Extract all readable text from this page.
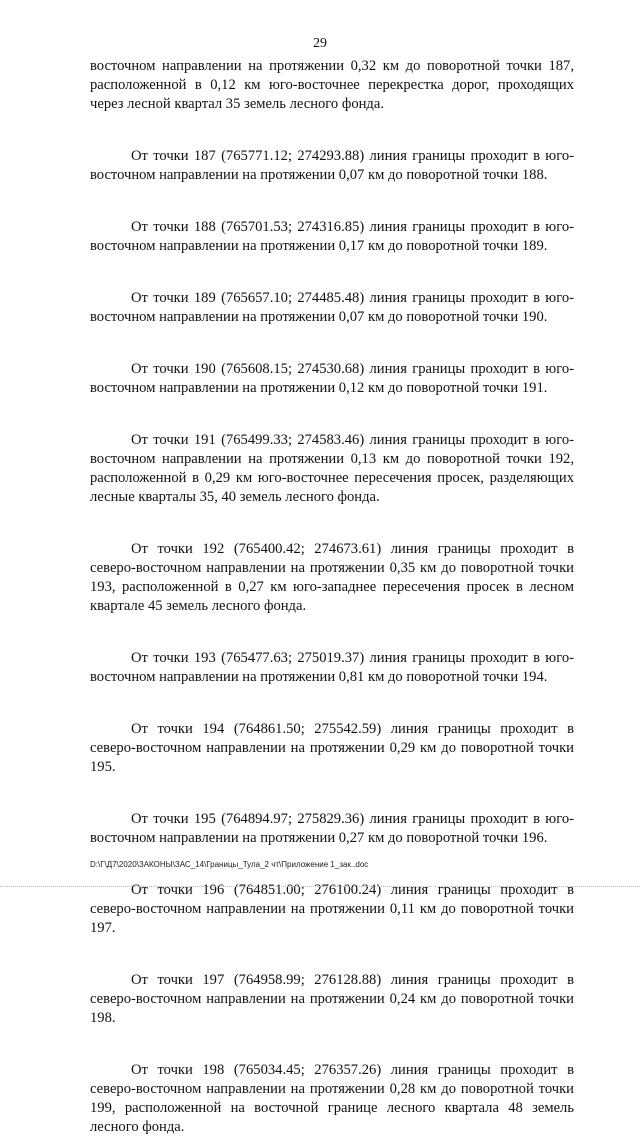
29

восточном направлении на протяжении 0,32 км до поворотной точки 187, расположенной в 0,12 км юго-восточнее перекрестка дорог, проходящих через лесной квартал 35 земель лесного фонда.

От точки 187 (765771.12; 274293.88) линия границы проходит в юго-восточном направлении на протяжении 0,07 км до поворотной точки 188.

От точки 188 (765701.53; 274316.85) линия границы проходит в юго-восточном направлении на протяжении 0,17 км до поворотной точки 189.

От точки 189 (765657.10; 274485.48) линия границы проходит в юго-восточном направлении на протяжении 0,07 км до поворотной точки 190.

От точки 190 (765608.15; 274530.68) линия границы проходит в юго-восточном направлении на протяжении 0,12 км до поворотной точки 191.

От точки 191 (765499.33; 274583.46) линия границы проходит в юго-восточном направлении на протяжении 0,13 км до поворотной точки 192, расположенной в 0,29 км юго-восточнее пересечения просек, разделяющих лесные кварталы 35, 40 земель лесного фонда.

От точки 192 (765400.42; 274673.61) линия границы проходит в северо-восточном направлении на протяжении 0,35 км до поворотной точки 193, расположенной в 0,27 км юго-западнее пересечения просек в лесном квартале 45 земель лесного фонда.

От точки 193 (765477.63; 275019.37) линия границы проходит в юго-восточном направлении на протяжении 0,81 км до поворотной точки 194.

От точки 194 (764861.50; 275542.59) линия границы проходит в северо-восточном направлении на протяжении 0,29 км до поворотной точки 195.

От точки 195 (764894.97; 275829.36) линия границы проходит в юго-восточном направлении на протяжении 0,27 км до поворотной точки 196.

От точки 196 (764851.00; 276100.24) линия границы проходит в северо-восточном направлении на протяжении 0,11 км до поворотной точки 197.

От точки 197 (764958.99; 276128.88) линия границы проходит в северо-восточном направлении на протяжении 0,24 км до поворотной точки 198.

От точки 198 (765034.45; 276357.26) линия границы проходит в северо-восточном направлении на протяжении 0,28 км до поворотной точки 199, расположенной на восточной границе лесного квартала 48 земель лесного фонда.

D:\Г\Д7\2020\ЗАКОНЫ\ЗАС_14\Границы_Тула_2 чт\Приложение 1_зак..doc
